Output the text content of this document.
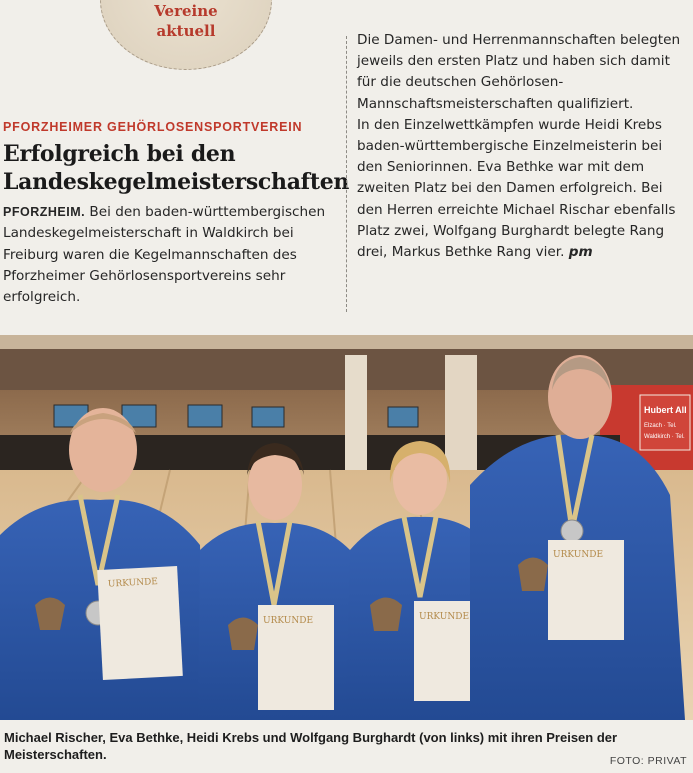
Vereine
aktuell
PFORZHEIMER GEHÖRLOSENSPORTVEREIN
Erfolgreich bei den Landeskegelmeisterschaften

PFORZHEIM. Bei den baden-württembergischen Landeskegelmeisterschaft in Waldkirch bei Freiburg waren die Kegelmannschaften des Pforzheimer Gehörlosensportvereins sehr erfolgreich.

Die Damen- und Herrenmannschaften belegten jeweils den ersten Platz und haben sich damit für die deutschen Gehörlosen-Mannschaftsmeisterschaften qualifiziert.
In den Einzelwettkämpfen wurde Heidi Krebs baden-württembergische Einzelmeisterin bei den Seniorinnen. Eva Bethke war mit dem zweiten Platz bei den Damen erfolgreich. Bei den Herren erreichte Michael Rischar ebenfalls Platz zwei, Wolfgang Burghardt belegte Rang drei, Markus Bethke Rang vier. pm
Hubert All
Elzach · Tel.
Waldkirch · Tel.
URKUNDE
URKUNDE	URKUNDE
URKUNDE
Michael Rischer, Eva Bethke, Heidi Krebs und Wolfgang Burghardt (von links) mit ihren Preisen der Meisterschaften.	FOTO: PRIVAT
